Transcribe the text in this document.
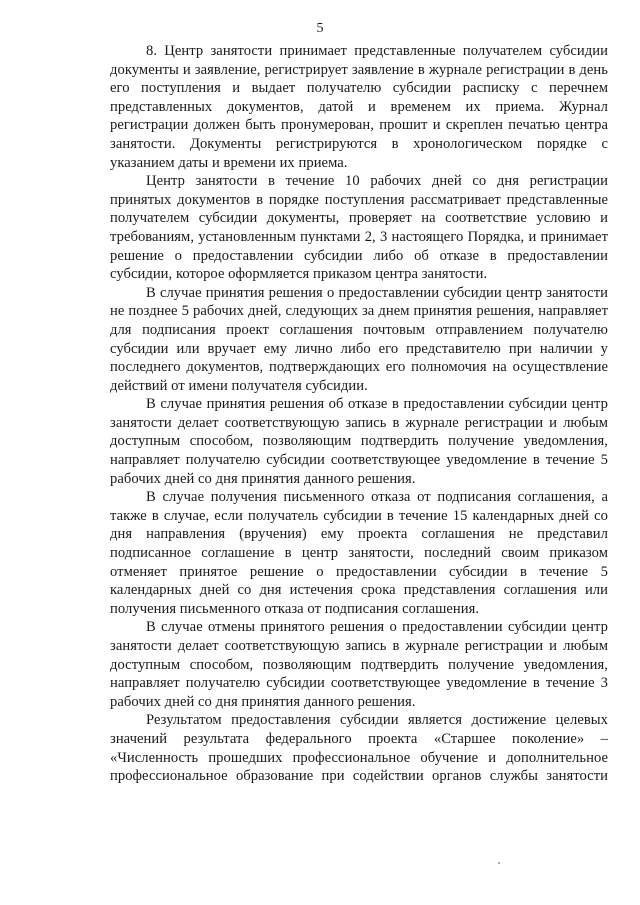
5

8. Центр занятости принимает представленные получателем субсидии документы и заявление, регистрирует заявление в журнале регистрации в день его поступления и выдает получателю субсидии расписку с перечнем представленных документов, датой и временем их приема. Журнал регистрации должен быть пронумерован, прошит и скреплен печатью центра занятости. Документы регистрируются в хронологическом порядке с указанием даты и времени их приема.

Центр занятости в течение 10 рабочих дней со дня регистрации принятых документов в порядке поступления рассматривает представленные получателем субсидии документы, проверяет на соответствие условию и требованиям, установленным пунктами 2, 3 настоящего Порядка, и принимает решение о предоставлении субсидии либо об отказе в предоставлении субсидии, которое оформляется приказом центра занятости.

В случае принятия решения о предоставлении субсидии центр занятости не позднее 5 рабочих дней, следующих за днем принятия решения, направляет для подписания проект соглашения почтовым отправлением получателю субсидии или вручает ему лично либо его представителю при наличии у последнего документов, подтверждающих его полномочия на осуществление действий от имени получателя субсидии.

В случае принятия решения об отказе в предоставлении субсидии центр занятости делает соответствующую запись в журнале регистрации и любым доступным способом, позволяющим подтвердить получение уведомления, направляет получателю субсидии соответствующее уведомление в течение 5 рабочих дней со дня принятия данного решения.

В случае получения письменного отказа от подписания соглашения, а также в случае, если получатель субсидии в течение 15 календарных дней со дня направления (вручения) ему проекта соглашения не представил подписанное соглашение в центр занятости, последний своим приказом отменяет принятое решение о предоставлении субсидии в течение 5 календарных дней со дня истечения срока представления соглашения или получения письменного отказа от подписания соглашения.

В случае отмены принятого решения о предоставлении субсидии центр занятости делает соответствующую запись в журнале регистрации и любым доступным способом, позволяющим подтвердить получение уведомления, направляет получателю субсидии соответствующее уведомление в течение 3 рабочих дней со дня принятия данного решения.

Результатом предоставления субсидии является достижение целевых значений результата федерального проекта «Старшее поколение» – «Численность прошедших профессиональное обучение и дополнительное профессиональное образование при содействии органов службы занятости
